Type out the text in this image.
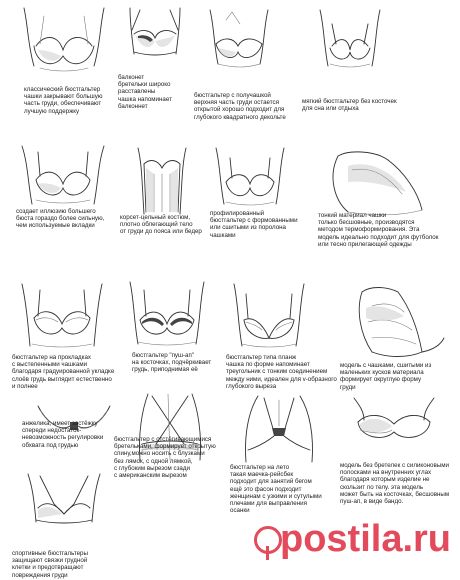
классический бюстгальтер
чашки закрывают большую
часть груди, обеспечивают
лучшую поддержку
балконет
бретельки широко
расставлены
чашка напоминает
балконнет
бюстгальтер с получашкой
верхняя часть груди остается
открытой хорошо подходит для
глубокого квадратного декольте
мягкий бюстгальтер без косточек
для сна или отдыха
создает иллюзию большего
бюста гораздо более сильную,
чем используемые вкладки
корсет-цельный костюм,
плотно облегающий тело
от груди до пояса или бедер
профилированный
бюстгальтер с формованными
или сшитыми из поролона
чашками
тонкий материал чашки
только бесшовные, производятся
методом термоформирования. Эта
модель идеально подходит для футболок
или тесно прилегающей одежды
бюстгальтер на прокладках
с выстеленными чашками
благодаря градуированной укладке
слоёв грудь выглядит естественно
и полнее
бюстгальтер "пуш-ап"
на косточках, подчёркивает
грудь, приподнимая её
бюстгальтер типа планж
чашка по форме напоминает
треугольник с тонким соединением
между ними, идеален для v-образного
глубокого выреза
модель с чашками, сшитыми из
маленьких кусков материала
формирует округлую форму
груди
анжелика, имеет застёжку
спереди недостаток-
невозможность регулировки
обхвата под грудью
бюстгальтер с отстёгивающимися
бретельками, формирует открытую
спину,можно носить с блузками
без лямок, с одной лямкой,
с глубоким вырезом сзади
с американским вырезом
бюстгальтер на лето
такая маечка-рейсбек
подходит для занятий бегом
ещё это фасон подходит
женщинам с узкими и сутулыми
плечами для выправления
осанки
модель без бретелек с силиконовыми
полосками на внутренних углах
благодаря которым изделие не
скользит по телу. эта модель
может быть на косточках, бесшовным
пуш-ап, в виде бандо.
спортивные бюстгальтеры
защищают связки грудной
клетки и предотвращают
повреждения груди
postila.ru
